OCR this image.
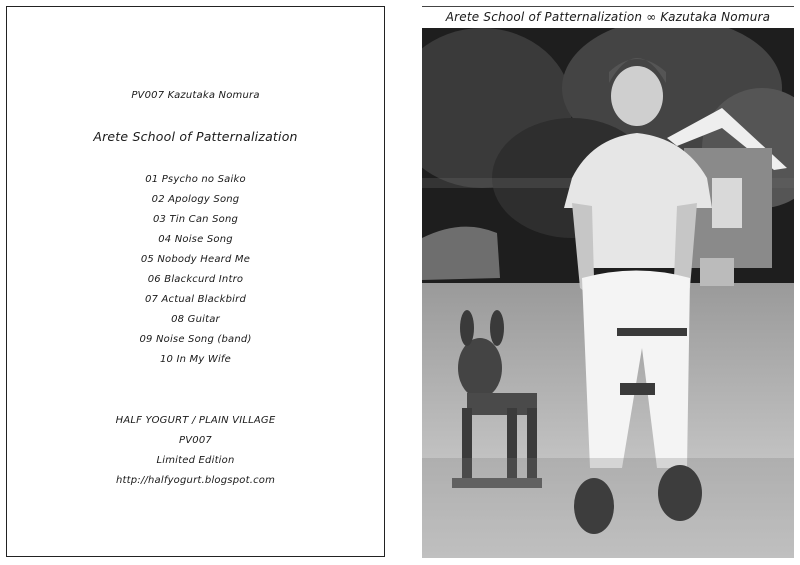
PV007 Kazutaka Nomura
Arete School of Patternalization
01 Psycho no Saiko
02 Apology Song
03 Tin Can Song
04 Noise Song
05 Nobody Heard Me
06 Blackcurd Intro
07 Actual Blackbird
08 Guitar
09 Noise Song (band)
10 In My Wife
HALF YOGURT / PLAIN VILLAGE
PV007
Limited Edition
http://halfyogurt.blogspot.com
Arete School of Patternalization ∞ Kazutaka Nomura
